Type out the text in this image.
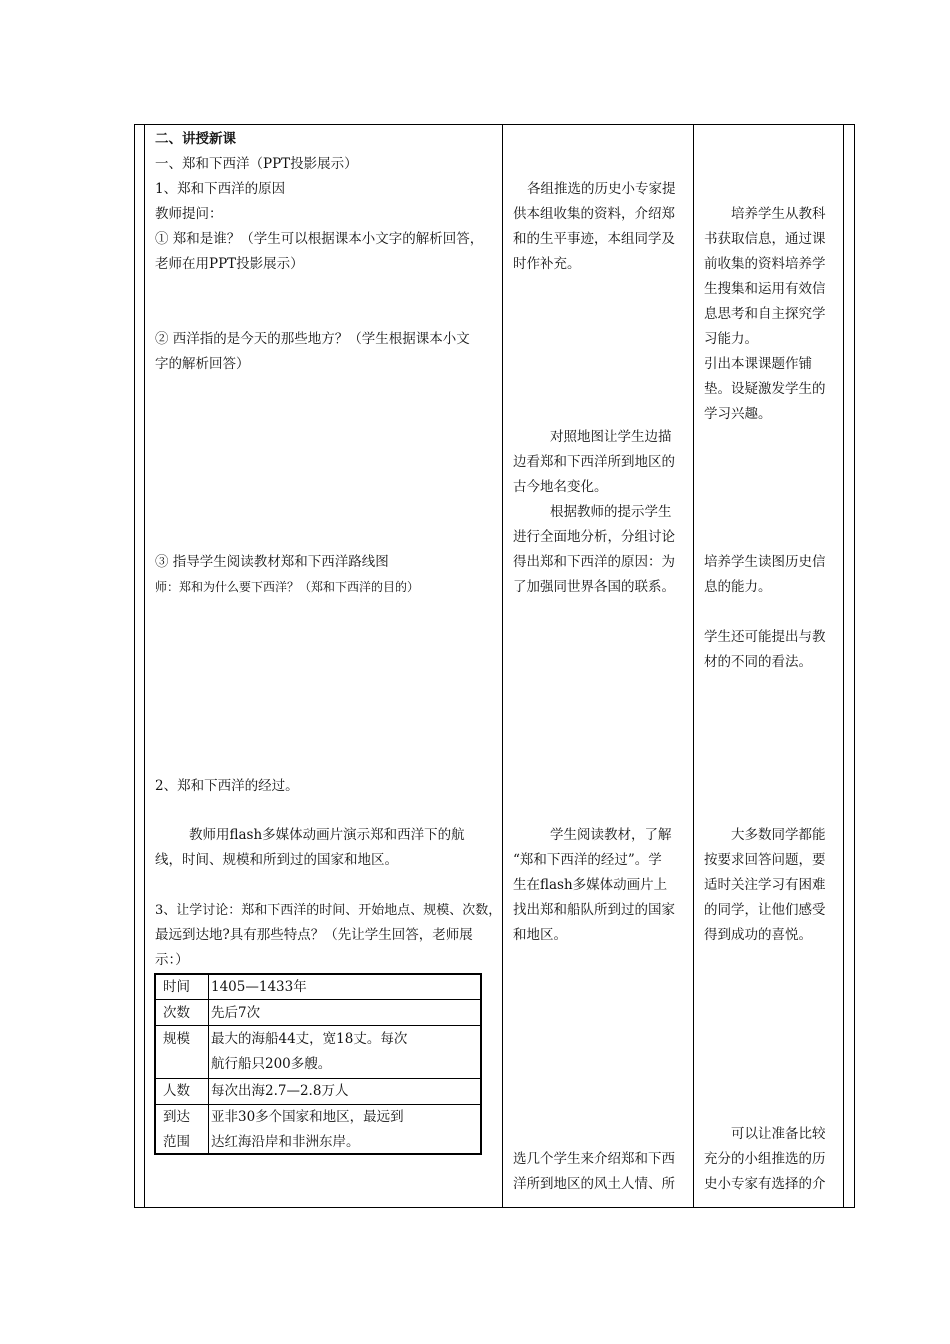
二、讲授新课
一、郑和下西洋（PPT投影展示）
1、郑和下西洋的原因
教师提问：
① 郑和是谁？（学生可以根据课本小文字的解析回答，
老师在用PPT投影展示）
② 西洋指的是今天的那些地方？（学生根据课本小文
字的解析回答）
③ 指导学生阅读教材郑和下西洋路线图
师：郑和为什么要下西洋？（郑和下西洋的目的）
2、郑和下西洋的经过。
教师用flash多媒体动画片演示郑和西洋下的航
线，时间、规模和所到过的国家和地区。
3、让学讨论：郑和下西洋的时间、开始地点、规模、次数，
最远到达地?具有那些特点？（先让学生回答，老师展
示：）
时间 1405—1433年
次数 先后7次
规模 最大的海船44丈，宽18丈。每次
航行船只200多艘。
人数 每次出海2.7—2.8万人
到达
范围
亚非30多个国家和地区，最远到
达红海沿岸和非洲东岸。
各组推选的历史小专家提
供本组收集的资料，介绍郑
和的生平事迹，本组同学及
时作补充。
对照地图让学生边描
边看郑和下西洋所到地区的
古今地名变化。
根据教师的提示学生
进行全面地分析，分组讨论
得出郑和下西洋的原因：为
了加强同世界各国的联系。
学生阅读教材，了解
“郑和下西洋的经过”。学
生在flash多媒体动画片上
找出郑和船队所到过的国家
和地区。
选几个学生来介绍郑和下西
洋所到地区的风土人情、所
培养学生从教科
书获取信息，通过课
前收集的资料培养学
生搜集和运用有效信
息思考和自主探究学
习能力。
引出本课课题作铺
垫。设疑激发学生的
学习兴趣。
培养学生读图历史信
息的能力。
学生还可能提出与教
材的不同的看法。
大多数同学都能
按要求回答问题，要
适时关注学习有困难
的同学，让他们感受
得到成功的喜悦。
可以让准备比较
充分的小组推选的历
史小专家有选择的介
